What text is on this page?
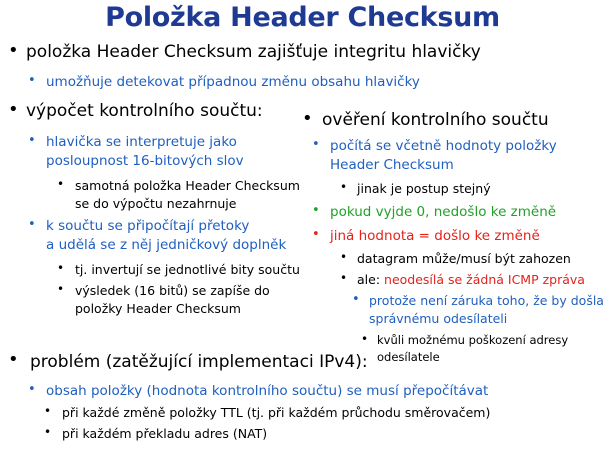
Položka Header Checksum
• položka Header Checksum zajišťuje integritu hlavičky
• umožňuje detekovat případnou změnu obsahu hlavičky
• výpočet kontrolního součtu:
• hlavička se interpretuje jako
posloupnost 16-bitových slov
• samotná položka Header Checksum
se do výpočtu nezahrnuje
• k součtu se připočítají přetoky
a udělá se z něj jedničkový doplněk
• tj. invertují se jednotlivé bity součtu
• výsledek (16 bitů) se zapíše do
položky Header Checksum
• ověření kontrolního součtu
• počítá se včetně hodnoty položky
Header Checksum
• jinak je postup stejný
• pokud vyjde 0, nedošlo ke změně
• jiná hodnota = došlo ke změně
• datagram může/musí být zahozen
• ale: neodesílá se žádná ICMP zpráva
• protože není záruka toho, že by došla
správnému odesílateli
• kvůli možnému poškození adresy
odesílatele
• problém (zatěžující implementaci IPv4):
• obsah položky (hodnota kontrolního součtu) se musí přepočítávat
• při každé změně položky TTL (tj. při každém průchodu směrovačem)
• při každém překladu adres (NAT)
